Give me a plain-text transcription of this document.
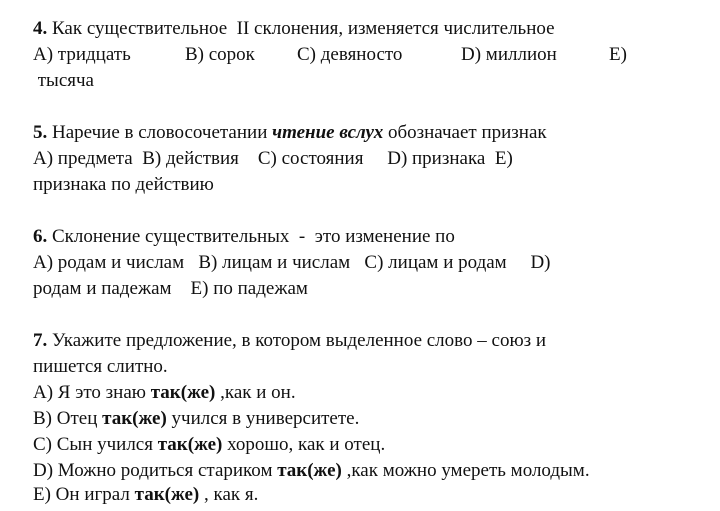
4. Как существительное  II склонения, изменяется числительное

A) тридцать

	B) сорок

C) девяносто

	D) миллион

	E)

тысяча
5. Наречие в словосочетании чтение вслух обозначает признак
A) предмета  B) действия    C) состояния     D) признака  E)
признака по действию
6. Склонение существительных  -  это изменение по
A) родам и числам   B) лицам и числам   C) лицам и родам     D)
родам и падежам    E) по падежам
7. Укажите предложение, в котором выделенное слово – союз и
пишется слитно.
A) Я это знаю так(же) ,как и он.
B) Отец так(же) учился в университете.
C) Сын учился так(же) хорошо, как и отец.
D) Можно родиться стариком так(же) ,как можно умереть молодым.
E) Он играл так(же) , как я.
